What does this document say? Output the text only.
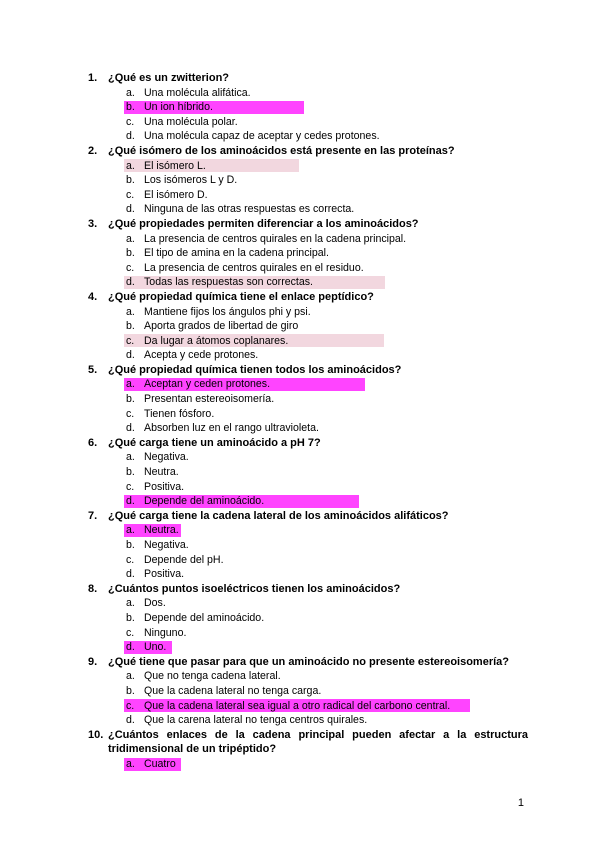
1. ¿Qué es un zwitterion?
a. Una molécula alifática.
b. Un ion híbrido.
c. Una molécula polar.
d. Una molécula capaz de aceptar y cedes protones.
2. ¿Qué isómero de los aminoácidos está presente en las proteínas?
a. El isómero L.
b. Los isómeros L y D.
c. El isómero D.
d. Ninguna de las otras respuestas es correcta.
3. ¿Qué propiedades permiten diferenciar a los aminoácidos?
a. La presencia de centros quirales en la cadena principal.
b. El tipo de amina en la cadena principal.
c. La presencia de centros quirales en el residuo.
d. Todas las respuestas son correctas.
4. ¿Qué propiedad química tiene el enlace peptídico?
a. Mantiene fijos los ángulos phi y psi.
b. Aporta grados de libertad de giro
c. Da lugar a átomos coplanares.
d. Acepta y cede protones.
5. ¿Qué propiedad química tienen todos los aminoácidos?
a. Aceptan y ceden protones.
b. Presentan estereoisomería.
c. Tienen fósforo.
d. Absorben luz en el rango ultravioleta.
6. ¿Qué carga tiene un aminoácido a pH 7?
a. Negativa.
b. Neutra.
c. Positiva.
d. Depende del aminoácido.
7. ¿Qué carga tiene la cadena lateral de los aminoácidos alifáticos?
a. Neutra.
b. Negativa.
c. Depende del pH.
d. Positiva.
8. ¿Cuántos puntos isoeléctricos tienen los aminoácidos?
a. Dos.
b. Depende del aminoácido.
c. Ninguno.
d. Uno.
9. ¿Qué tiene que pasar para que un aminoácido no presente estereoisomería?
a. Que no tenga cadena lateral.
b. Que la cadena lateral no tenga carga.
c. Que la cadena lateral sea igual a otro radical del carbono central.
d. Que la carena lateral no tenga centros quirales.
10. ¿Cuántos enlaces de la cadena principal pueden afectar a la estructura
tridimensional de un tripéptido?
a. Cuatro
1
